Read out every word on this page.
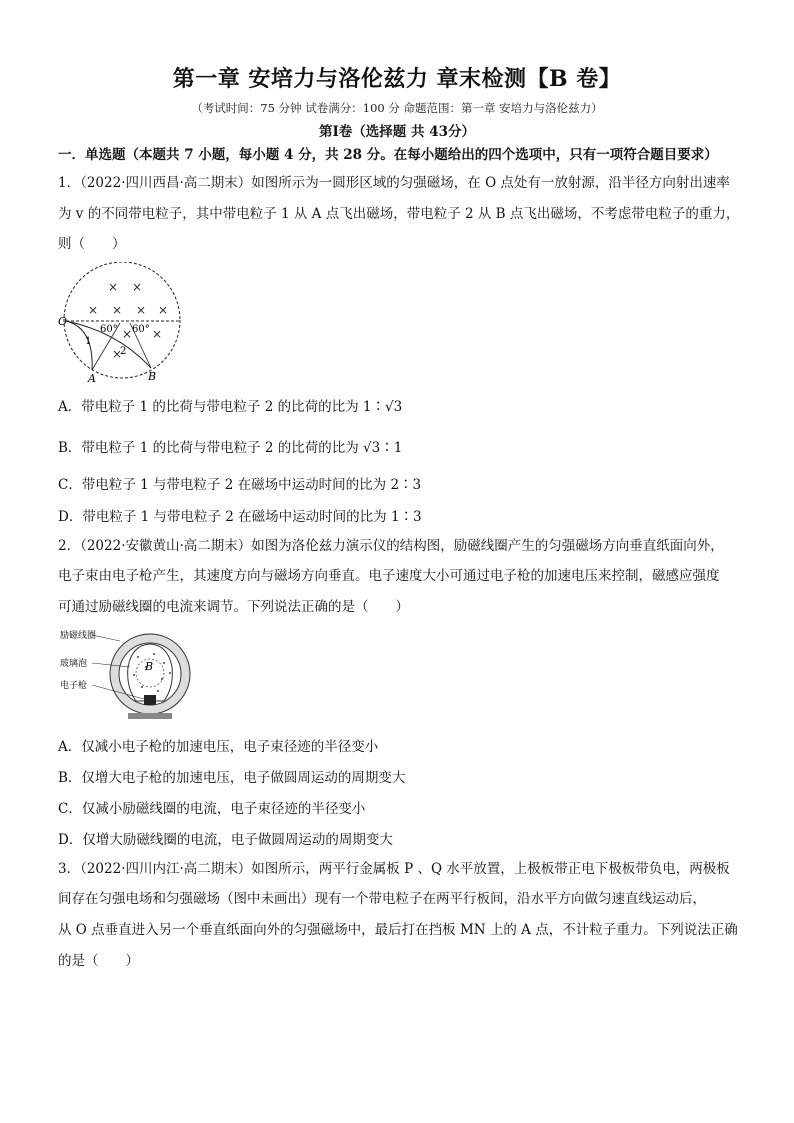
第一章 安培力与洛伦兹力 章末检测【B 卷】
（考试时间：75 分钟 试卷满分：100 分 命题范围：第一章 安培力与洛伦兹力）
第Ⅰ卷（选择题 共 43分）
一．单选题（本题共 7 小题，每小题 4 分，共 28 分。在每小题给出的四个选项中，只有一项符合题目要求）
1．（2022·四川西昌·高二期末）如图所示为一圆形区域的匀强磁场，在 O 点处有一放射源，沿半径方向射出速率
为 v 的不同带电粒子，其中带电粒子 1 从 A 点飞出磁场，带电粒子 2 从 B 点飞出磁场，不考虑带电粒子的重力，
则（　　）
× ×
× × × ×
× ×
×
O
A	B
1
2
60° 60°
A．带电粒子 1 的比荷与带电粒子 2 的比荷的比为 1∶√3
B．带电粒子 1 的比荷与带电粒子 2 的比荷的比为 √3∶1
C．带电粒子 1 与带电粒子 2 在磁场中运动时间的比为 2∶3
D．带电粒子 1 与带电粒子 2 在磁场中运动时间的比为 1∶3
2．（2022·安徽黄山·高二期末）如图为洛伦兹力演示仪的结构图，励磁线圈产生的匀强磁场方向垂直纸面向外，
电子束由电子枪产生，其速度方向与磁场方向垂直。电子速度大小可通过电子枪的加速电压来控制，磁感应强度
可通过励磁线圈的电流来调节。下列说法正确的是（　　）
B
励磁线圈
玻璃泡
电子枪
A．仅减小电子枪的加速电压，电子束径迹的半径变小
B．仅增大电子枪的加速电压，电子做圆周运动的周期变大
C．仅减小励磁线圈的电流，电子束径迹的半径变小
D．仅增大励磁线圈的电流，电子做圆周运动的周期变大
3．（2022·四川内江·高二期末）如图所示，两平行金属板 P 、Q 水平放置，上极板带正电下极板带负电，两极板
间存在匀强电场和匀强磁场（图中未画出）现有一个带电粒子在两平行板间，沿水平方向做匀速直线运动后，
从 O 点垂直进入另一个垂直纸面向外的匀强磁场中，最后打在挡板 MN 上的 A 点，不计粒子重力。下列说法正确
的是（　　）
